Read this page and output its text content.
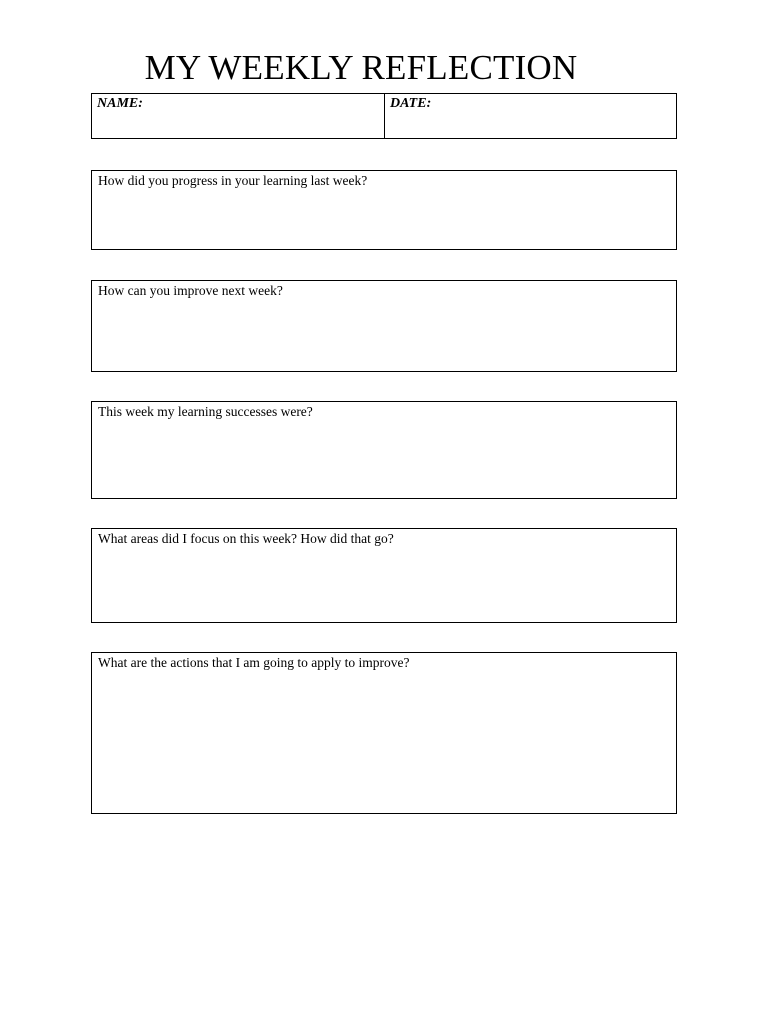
MY WEEKLY REFLECTION
NAME:	DATE:
How did you progress in your learning last week?
How can you improve next week?
This week my learning successes were?
What areas did I focus on this week? How did that go?
What are the actions that I am going to apply to improve?
